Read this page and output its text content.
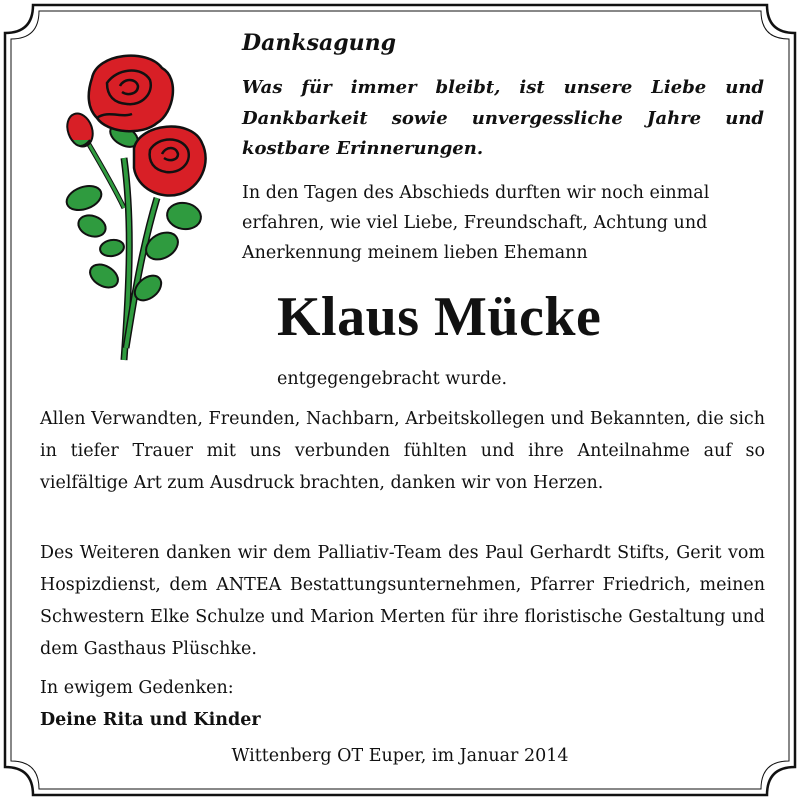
Danksagung

Was für immer bleibt, ist unsere Liebe und Dankbarkeit sowie unvergessliche Jahre und kostbare Erinnerungen.

In den Tagen des Abschieds durften wir noch einmal erfahren, wie viel Liebe, Freundschaft, Achtung und Anerkennung meinem lieben Ehemann

Klaus Mücke

entgegengebracht wurde.

Allen Verwandten, Freunden, Nachbarn, Arbeitskollegen und Bekannten, die sich in tiefer Trauer mit uns verbunden fühlten und ihre Anteilnahme auf so vielfältige Art zum Ausdruck brachten, danken wir von Herzen.

Des Weiteren danken wir dem Palliativ-Team des Paul Gerhardt Stifts, Gerit vom Hospizdienst, dem ANTEA Bestattungsunternehmen, Pfarrer Friedrich, meinen Schwestern Elke Schulze und Marion Merten für ihre floristische Gestaltung und dem Gasthaus Plüschke.

In ewigem Gedenken:
Deine Rita und Kinder

Wittenberg OT Euper, im Januar 2014
